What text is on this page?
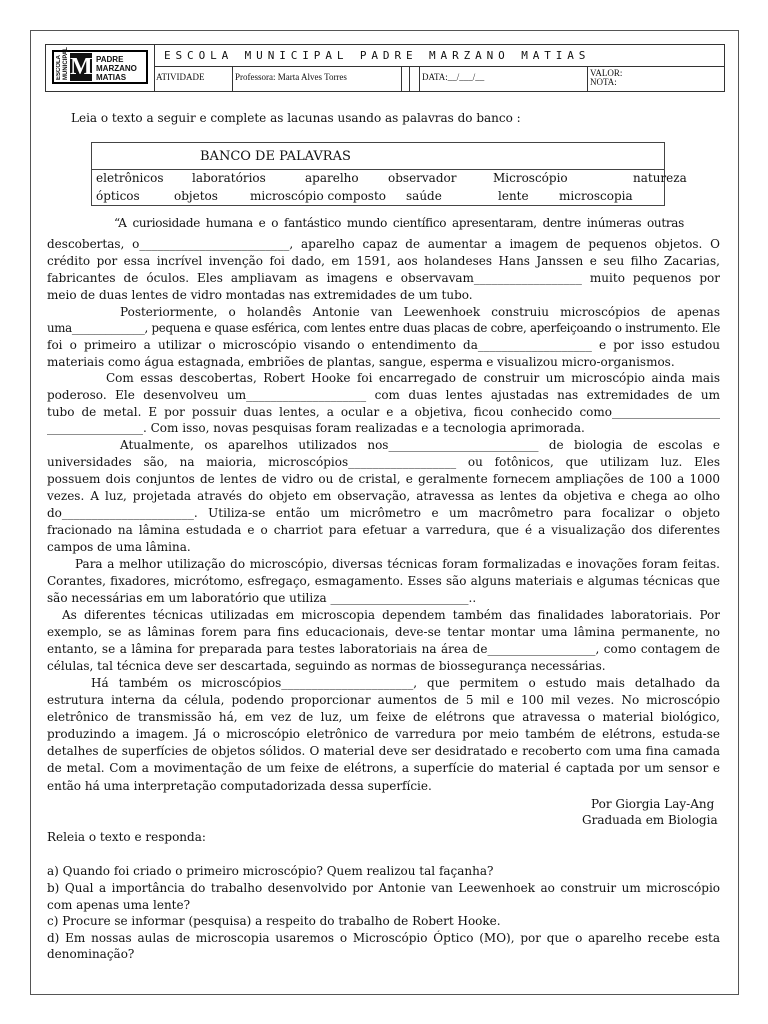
ESCOLA MUNICIPAL M PADRE
MARZANO
MATIAS
ESCOLA MUNICIPAL PADRE MARZANO MATIAS
ATIVIDADE	Professora: Marta Alves Torres	DATA:__/___/__	VALOR:
NOTA:
Leia o texto a seguir e complete as lacunas usando as palavras do banco :
BANCO DE PALAVRAS
eletrônicos laboratórios	aparelho observador	Microscópio	natureza
ópticos	objetos	microscópio composto saúde	lente	microscopia
“A curiosidade humana e o fantástico mundo científico apresentaram, dentre inúmeras outras
descobertas, o_________________________, aparelho capaz de aumentar a imagem de pequenos objetos. O
crédito por essa incrível invenção foi dado, em 1591, aos holandeses Hans Janssen e seu filho Zacarias,
fabricantes de óculos. Eles ampliavam as imagens e observavam__________________ muito pequenos por
meio de duas lentes de vidro montadas nas extremidades de um tubo.
Posteriormente, o holandês Antonie van Leewenhoek construiu microscópios de apenas
uma_____________, pequena e quase esférica, com lentes entre duas placas de cobre, aperfeiçoando o instrumento. Ele
foi o primeiro a utilizar o microscópio visando o entendimento da___________________ e por isso estudou
materiais como água estagnada, embriões de plantas, sangue, esperma e visualizou micro-organismos.
Com essas descobertas, Robert Hooke foi encarregado de construir um microscópio ainda mais
poderoso. Ele desenvolveu um____________________ com duas lentes ajustadas nas extremidades de um
tubo de metal. E por possuir duas lentes, a ocular e a objetiva, ficou conhecido como__________________
________________. Com isso, novas pesquisas foram realizadas e a tecnologia aprimorada.
Atualmente, os aparelhos utilizados nos_________________________ de biologia de escolas e
universidades são, na maioria, microscópios__________________ ou fotônicos, que utilizam luz. Eles
possuem dois conjuntos de lentes de vidro ou de cristal, e geralmente fornecem ampliações de 100 a 1000
vezes. A luz, projetada através do objeto em observação, atravessa as lentes da objetiva e chega ao olho
do______________________. Utiliza-se então um micrômetro e um macrômetro para focalizar o objeto
fracionado na lâmina estudada e o charriot para efetuar a varredura, que é a visualização dos diferentes
campos de uma lâmina.
Para a melhor utilização do microscópio, diversas técnicas foram formalizadas e inovações foram feitas.
Corantes, fixadores, micrótomo, esfregaço, esmagamento. Esses são alguns materiais e algumas técnicas que
são necessárias em um laboratório que utiliza _______________________..
As diferentes técnicas utilizadas em microscopia dependem também das finalidades laboratoriais. Por
exemplo, se as lâminas forem para fins educacionais, deve-se tentar montar uma lâmina permanente, no
entanto, se a lâmina for preparada para testes laboratoriais na área de__________________, como contagem de
células, tal técnica deve ser descartada, seguindo as normas de biossegurança necessárias.
Há também os microscópios______________________, que permitem o estudo mais detalhado da
estrutura interna da célula, podendo proporcionar aumentos de 5 mil e 100 mil vezes. No microscópio
eletrônico de transmissão há, em vez de luz, um feixe de elétrons que atravessa o material biológico,
produzindo a imagem. Já o microscópio eletrônico de varredura por meio também de elétrons, estuda-se
detalhes de superfícies de objetos sólidos. O material deve ser desidratado e recoberto com uma fina camada
de metal. Com a movimentação de um feixe de elétrons, a superfície do material é captada por um sensor e
então há uma interpretação computadorizada dessa superfície.
Por Giorgia Lay-Ang
Graduada em Biologia
Releia o texto e responda:
a) Quando foi criado o primeiro microscópio? Quem realizou tal façanha?
b) Qual a importância do trabalho desenvolvido por Antonie van Leewenhoek ao construir um microscópio
com apenas uma lente?
c) Procure se informar (pesquisa) a respeito do trabalho de Robert Hooke.
d) Em nossas aulas de microscopia usaremos o Microscópio Óptico (MO), por que o aparelho recebe esta
denominação?
